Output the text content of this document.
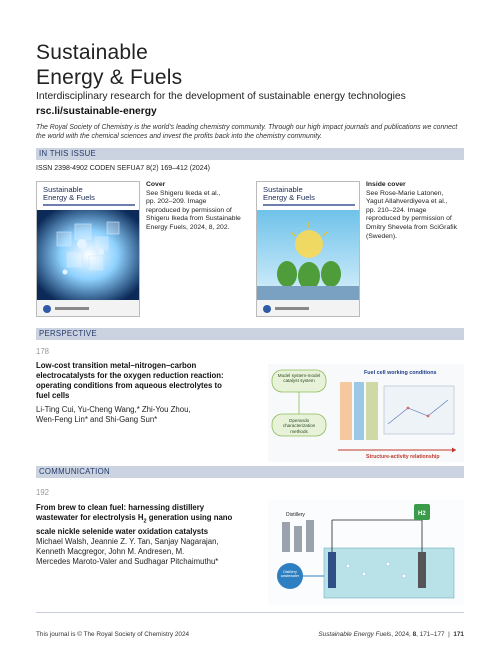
Sustainable
Energy & Fuels
Interdisciplinary research for the development of sustainable energy technologies
rsc.li/sustainable-energy
The Royal Society of Chemistry is the world's leading chemistry community. Through our high impact journals and publications we connect the world with the chemical sciences and invest the profits back into the chemistry community.
IN THIS ISSUE
ISSN 2398-4902 CODEN SEFUA7 8(2) 169–412 (2024)
Sustainable
Energy & Fuels
Cover
See Shigeru Ikeda et al.,
pp. 202–209. Image
reproduced by permission of
Shigeru Ikeda from Sustainable
Energy Fuels, 2024, 8, 202.
Sustainable
Energy & Fuels
Inside cover
See Rose-Marie Latonen,
Yagut Allahverdiyeva et al.,
pp. 210–224. Image
reproduced by permission of
Dmitry Shevela from SciGrafik
(Sweden).
PERSPECTIVE
178
Low-cost transition metal–nitrogen–carbon
electrocatalysts for the oxygen reduction reaction:
operating conditions from aqueous electrolytes to
fuel cells
Li-Ting Cui, Yu-Cheng Wang,* Zhi-You Zhou,
Wen-Feng Lin* and Shi-Gang Sun*
Model system-model catalyst system
Operando characterization methods
Fuel cell working conditions
Structure-activity relationship
COMMUNICATION
192
From brew to clean fuel: harnessing distillery
wastewater for electrolysis $H_2$ generation using nano
scale nickle selenide water oxidation catalysts
Michael Walsh, Jeannie Z. Y. Tan, Sanjay Nagarajan,
Kenneth Macgregor, John M. Andresen, M.
Mercedes Maroto-Valer and Sudhagar Pitchaimuthu*
Distillery
Distillery wastewater
H2
This journal is © The Royal Society of Chemistry 2024	Sustainable Energy Fuels, 2024, 8, 171–177  |  171
